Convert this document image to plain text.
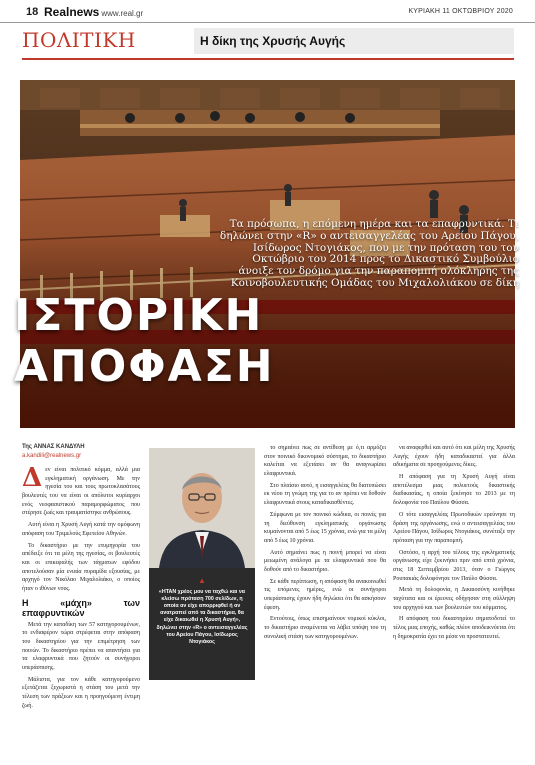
18 Realnews www.real.gr	ΚΥΡΙΑΚΗ 11 ΟΚΤΩΒΡΙΟΥ 2020
ΠΟΛΙΤΙΚΗ	Η δίκη της Χρυσής Αυγής
Τα πρόσωπα, η επόμενη ημέρα και τα επαφρυντικά. Τι δηλώνει στην «R» ο αντεισαγγελέας του Αρείου Πάγου, Ισίδωρος Ντογιάκος, που με την πρόταση του τον Οκτώβριο του 2014 προς το Δικαστικό Συμβούλιο άνοιξε τον δρόμο για την παραπομπή ολόκληρης της Κοινοβουλευτικής Ομάδας του Μιχαλολιάκου σε δίκη
ΙΣΤΟΡΙΚΗ ΑΠΟΦΑΣΗ
Της ΑΝΝΑΣ ΚΑΝΔΥΛΗ
a.kandili@realnews.gr

Δεν είναι πολιτικό κόμμα, αλλά μια εγκληματική οργάνωση. Με την ηγεσία του και τους πρωτοκλασάτους βουλευτές του να είναι οι απόλυτοι κυρίαρχοι ενός νεοφασιστικού παραμορφώματος που στέρησε ζωές και τραυματίστηκε ανθρώπους.

Αυτή είναι η Χρυσή Αυγή κατά την ομόφωνη απόφαση του Τριμελούς Εφετείου Αθηνών.

Το δικαστήριο με την ετυμηγορία του απέδειξε ότι τα μέλη της ηγεσίας, οι βουλευτές και οι επικεφαλής των τάγματων εφόδου αποτελούσαν μία ενιαία πυραμίδα εξουσίας, με αρχηγό τον Νικόλαο Μιχαλολιάκο, ο οποίος ήταν ο ιθύνων νους.

Η «μάχη» των επαφρυντικών

Μετά την καταδίκη των 57 κατηγορουμένων, το ενδιαφέρον τώρα στρέφεται στην απόφαση του δικαστηρίου για την επιμέτρηση των ποινών. Το δικαστήριο πρέπει να απαντήσει για τα ελαφρυντικά που ζητούν οι συνήγοροι υπεράσπισης.

Μάλιστα, για τον κάθε κατηγορούμενο εξετάζεται ξεχωριστά η στάση του μετά την τέλεση των πράξεων και η προηγούμενη έντιμη ζωή.

▲
«ΗΤΑΝ χρέος μου να ταχθώ και να κλείσω πρόταση 700 σελίδων, η οποία αν είχε απορριφθεί ή αν ανατραπεί από τα δικαστήρια, θα είχε δικαιωθεί η Χρυσή Αυγή», δηλώνει στην «R» ο αντεισαγγελέας του Αρείου Πάγου, Ισίδωρος Ντογιάκος

το σημαίνει πως σε αντίθεση με ό,τι αρμόζει στον ποινικό δικονομικό σύστημα, το δικαστήριο καλείται να εξετάσει αν θα αναγνωρίσει ελαφρυντικά.

Στο πλαίσιο αυτό, η εισαγγελέας θα διατυπώσει εκ νέου τη γνώμη της για το αν πρέπει να δοθούν ελαφρυντικά στους καταδικασθέντες.

Σύμφωνα με τον ποινικό κώδικα, οι ποινές για τη διεύθυνση εγκληματικής οργάνωσης κυμαίνονται από 5 έως 15 χρόνια, ενώ για τα μέλη από 5 έως 10 χρόνια.

Αυτό σημαίνει πως η ποινή μπορεί να είναι μειωμένη ανάλογα με τα ελαφρυντικά που θα δοθούν από το δικαστήριο.

Σε κάθε περίπτωση, η απόφαση θα ανακοινωθεί τις επόμενες ημέρες, ενώ οι συνήγοροι υπεράσπισης έχουν ήδη δηλώσει ότι θα ασκήσουν έφεση.

Εντούτοις, όπως επισημαίνουν νομικοί κύκλοι, το δικαστήριο αναμένεται να λάβει υπόψη του τη συνολική στάση των κατηγορουμένων.

να αναφερθεί και αυτό ότι και μέλη της Χρυσής Αυγής έχουν ήδη καταδικαστεί για άλλα αδικήματα σε προηγούμενες δίκες.

Η απόφαση για τη Χρυσή Αυγή είναι αποτέλεσμα μιας πολυετούς δικαστικής διαδικασίας, η οποία ξεκίνησε το 2013 με τη δολοφονία του Παύλου Φύσσα.

Ο τότε εισαγγελέας Πρωτοδικών ερεύνησε τη δράση της οργάνωσης, ενώ ο αντεισαγγελέας του Αρείου Πάγου, Ισίδωρος Ντογιάκος, συνέταξε την πρόταση για την παραπομπή.

Οστόσο, η αρχή του τέλους της εγκληματικής οργάνωσης είχε ξεκινήσει πριν από επτά χρόνια, στις 18 Σεπτεμβρίου 2013, όταν ο Γιώργος Ρουπακιάς δολοφόνησε τον Παύλο Φύσσα.

Μετά τη δολοφονία, η Δικαιοσύνη κινήθηκε ταχύτατα και οι έρευνες οδήγησαν στη σύλληψη του αρχηγού και των βουλευτών του κόμματος.

Η απόφαση του δικαστηρίου σηματοδοτεί το τέλος μιας εποχής, καθώς πλέον αποδεικνύεται ότι η δημοκρατία έχει τα μέσα να προστατευτεί.
